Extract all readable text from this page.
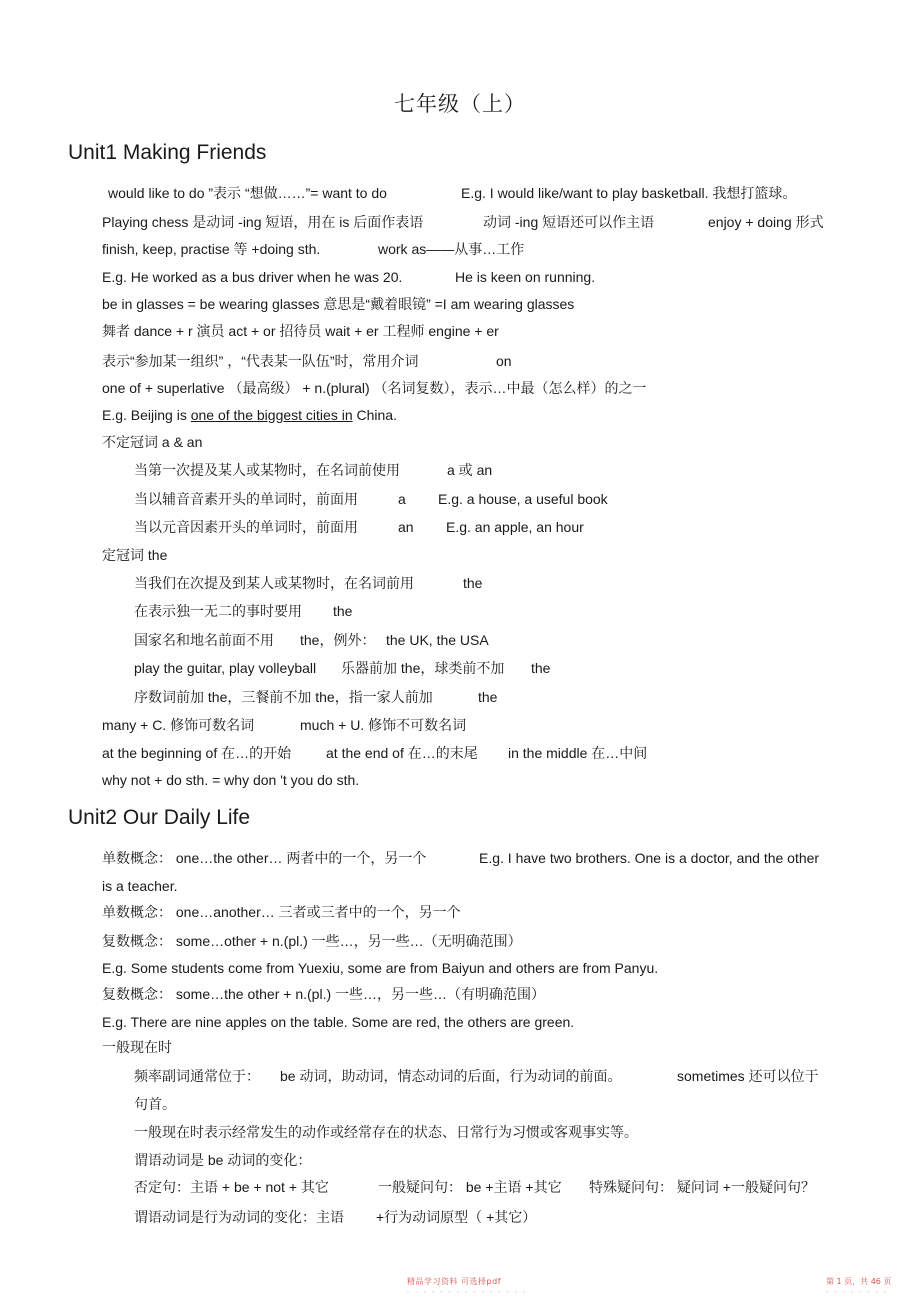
七年级（上）
Unit1 Making Friends
would like to do ”表示 “想做……”= want to do	E.g. I would like/want to play basketball. 我想打篮球。
Playing chess 是动词 -ing 短语，用在 is 后面作表语	动词 -ing 短语还可以作主语	enjoy + doing 形式
finish, keep, practise 等 +doing sth.	work as——从事…工作
E.g. He worked as a bus driver when he was 20.	He is keen on running.
be in glasses = be wearing glasses 意思是“戴着眼镜” =I am wearing glasses
舞者 dance + r 演员 act + or 招待员 wait + er 工程师 engine + er
表示“参加某一组织” ，“代表某一队伍”时，常用介词	on
one of + superlative （最高级） + n.(plural) （名词复数），表示…中最（怎么样）的之一
E.g. Beijing is one of the biggest cities in China.
不定冠词 a & an
当第一次提及某人或某物时，在名词前使用	a 或 an
当以辅音音素开头的单词时，前面用	a E.g. a house, a useful book
当以元音因素开头的单词时，前面用	an E.g. an apple, an hour
定冠词 the
当我们在次提及到某人或某物时，在名词前用	the
在表示独一无二的事时要用 the
国家名和地名前面不用 the，例外： the UK, the USA
play the guitar, play volleyball 乐器前加 the，球类前不加 the
序数词前加 the，三餐前不加 the，指一家人前加	the
many + C. 修饰可数名词	much + U. 修饰不可数名词
at the beginning of 在…的开始 at the end of 在…的末尾 in the middle 在…中间
why not + do sth. = why don 't you do sth.
Unit2 Our Daily Life
单数概念： one…the other… 两者中的一个，另一个	E.g. I have two brothers. One is a doctor, and the other
is a teacher.
单数概念： one…another… 三者或三者中的一个，另一个
复数概念： some…other + n.(pl.) 一些…，另一些…（无明确范围）
E.g. Some students come from Yuexiu, some are from Baiyun and others are from Panyu.
复数概念： some…the other + n.(pl.) 一些…，另一些…（有明确范围）
E.g. There are nine apples on the table. Some are red, the others are green.
一般现在时
频率副词通常位于： be 动词，助动词，情态动词的后面，行为动词的前面。	sometimes 还可以位于
句首。
一般现在时表示经常发生的动作或经常存在的状态、日常行为习惯或客观事实等。
谓语动词是 be 动词的变化：
否定句：主语 + be + not + 其它	一般疑问句： be +主语 +其它 特殊疑问句： 疑问词 +一般疑问句？
谓语动词是行为动词的变化：主语 +行为动词原型（ +其它）
精品学习资料 可选择pdf	第 1 页，共 46 页
- - - - - - - - - - - - - - -	- - - - - - - -
